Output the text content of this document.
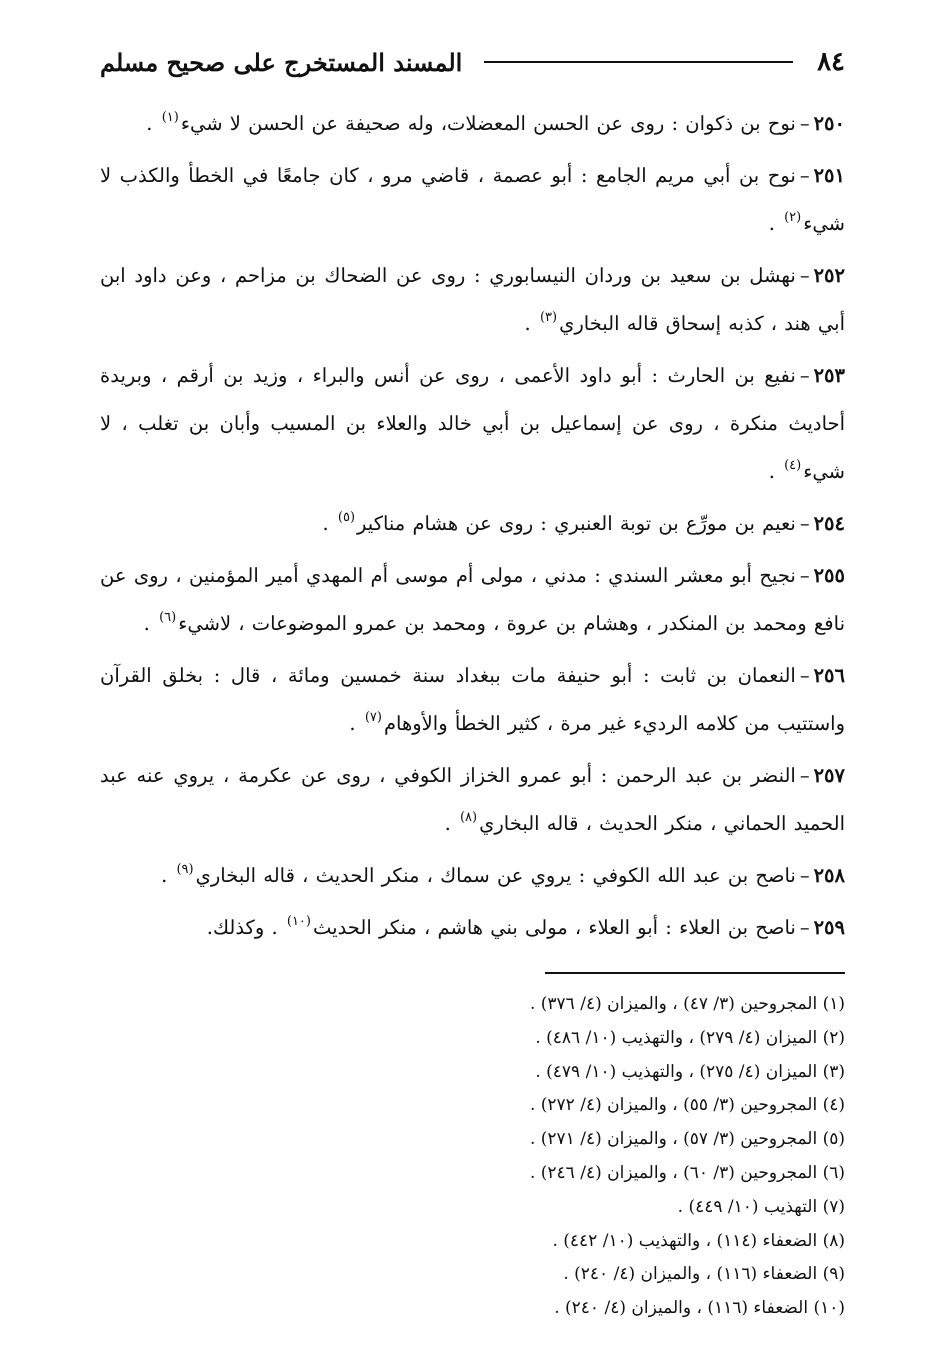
٨٤
المسند المستخرج على صحيح مسلم

٢٥٠–نوح بن ذكوان : روى عن الحسن المعضلات، وله صحيفة عن الحسن لا شيء$^{(١)}$ .

٢٥١–نوح بن أبي مريم الجامع : أبو عصمة ، قاضي مرو ، كان جامعًا في الخطأ والكذب لا شيء$^{(٢)}$ .

٢٥٢–نهشل بن سعيد بن وردان النيسابوري : روى عن الضحاك بن مزاحم ، وعن داود ابن أبي هند ، كذبه إسحاق قاله البخاري$^{(٣)}$ .

٢٥٣–نفيع بن الحارث : أبو داود الأعمى ، روى عن أنس والبراء ، وزيد بن أرقم ، وبريدة أحاديث منكرة ، روى عن إسماعيل بن أبي خالد والعلاء بن المسيب وأبان بن تغلب ، لا شيء$^{(٤)}$ .

٢٥٤–نعيم بن مورِّع بن توبة العنبري : روى عن هشام مناكير$^{(٥)}$ .

٢٥٥–نجيح أبو معشر السندي : مدني ، مولى أم موسى أم المهدي أمير المؤمنين ، روى عن نافع ومحمد بن المنكدر ، وهشام بن عروة ، ومحمد بن عمرو الموضوعات ، لاشيء$^{(٦)}$ .

٢٥٦–النعمان بن ثابت : أبو حنيفة مات ببغداد سنة خمسين ومائة ، قال : بخلق القرآن واستتيب من كلامه الرديء غير مرة ، كثير الخطأ والأوهام$^{(٧)}$ .

٢٥٧–النضر بن عبد الرحمن : أبو عمرو الخزاز الكوفي ، روى عن عكرمة ، يروي عنه عبد الحميد الحماني ، منكر الحديث ، قاله البخاري$^{(٨)}$ .

٢٥٨–ناصح بن عبد الله الكوفي : يروي عن سماك ، منكر الحديث ، قاله البخاري$^{(٩)}$ .

٢٥٩–ناصح بن العلاء : أبو العلاء ، مولى بني هاشم ، منكر الحديث$^{(١٠)}$ . وكذلك.

(١) المجروحين (٣/ ٤٧) ، والميزان (٤/ ٣٧٦) .
(٢) الميزان (٤/ ٢٧٩) ، والتهذيب (١٠/ ٤٨٦) .
(٣) الميزان (٤/ ٢٧٥) ، والتهذيب (١٠/ ٤٧٩) .
(٤) المجروحين (٣/ ٥٥) ، والميزان (٤/ ٢٧٢) .
(٥) المجروحين (٣/ ٥٧) ، والميزان (٤/ ٢٧١) .
(٦) المجروحين (٣/ ٦٠) ، والميزان (٤/ ٢٤٦) .
(٧) التهذيب (١٠/ ٤٤٩) .
(٨) الضعفاء (١١٤) ، والتهذيب (١٠/ ٤٤٢) .
(٩) الضعفاء (١١٦) ، والميزان (٤/ ٢٤٠) .
(١٠) الضعفاء (١١٦) ، والميزان (٤/ ٢٤٠) .
